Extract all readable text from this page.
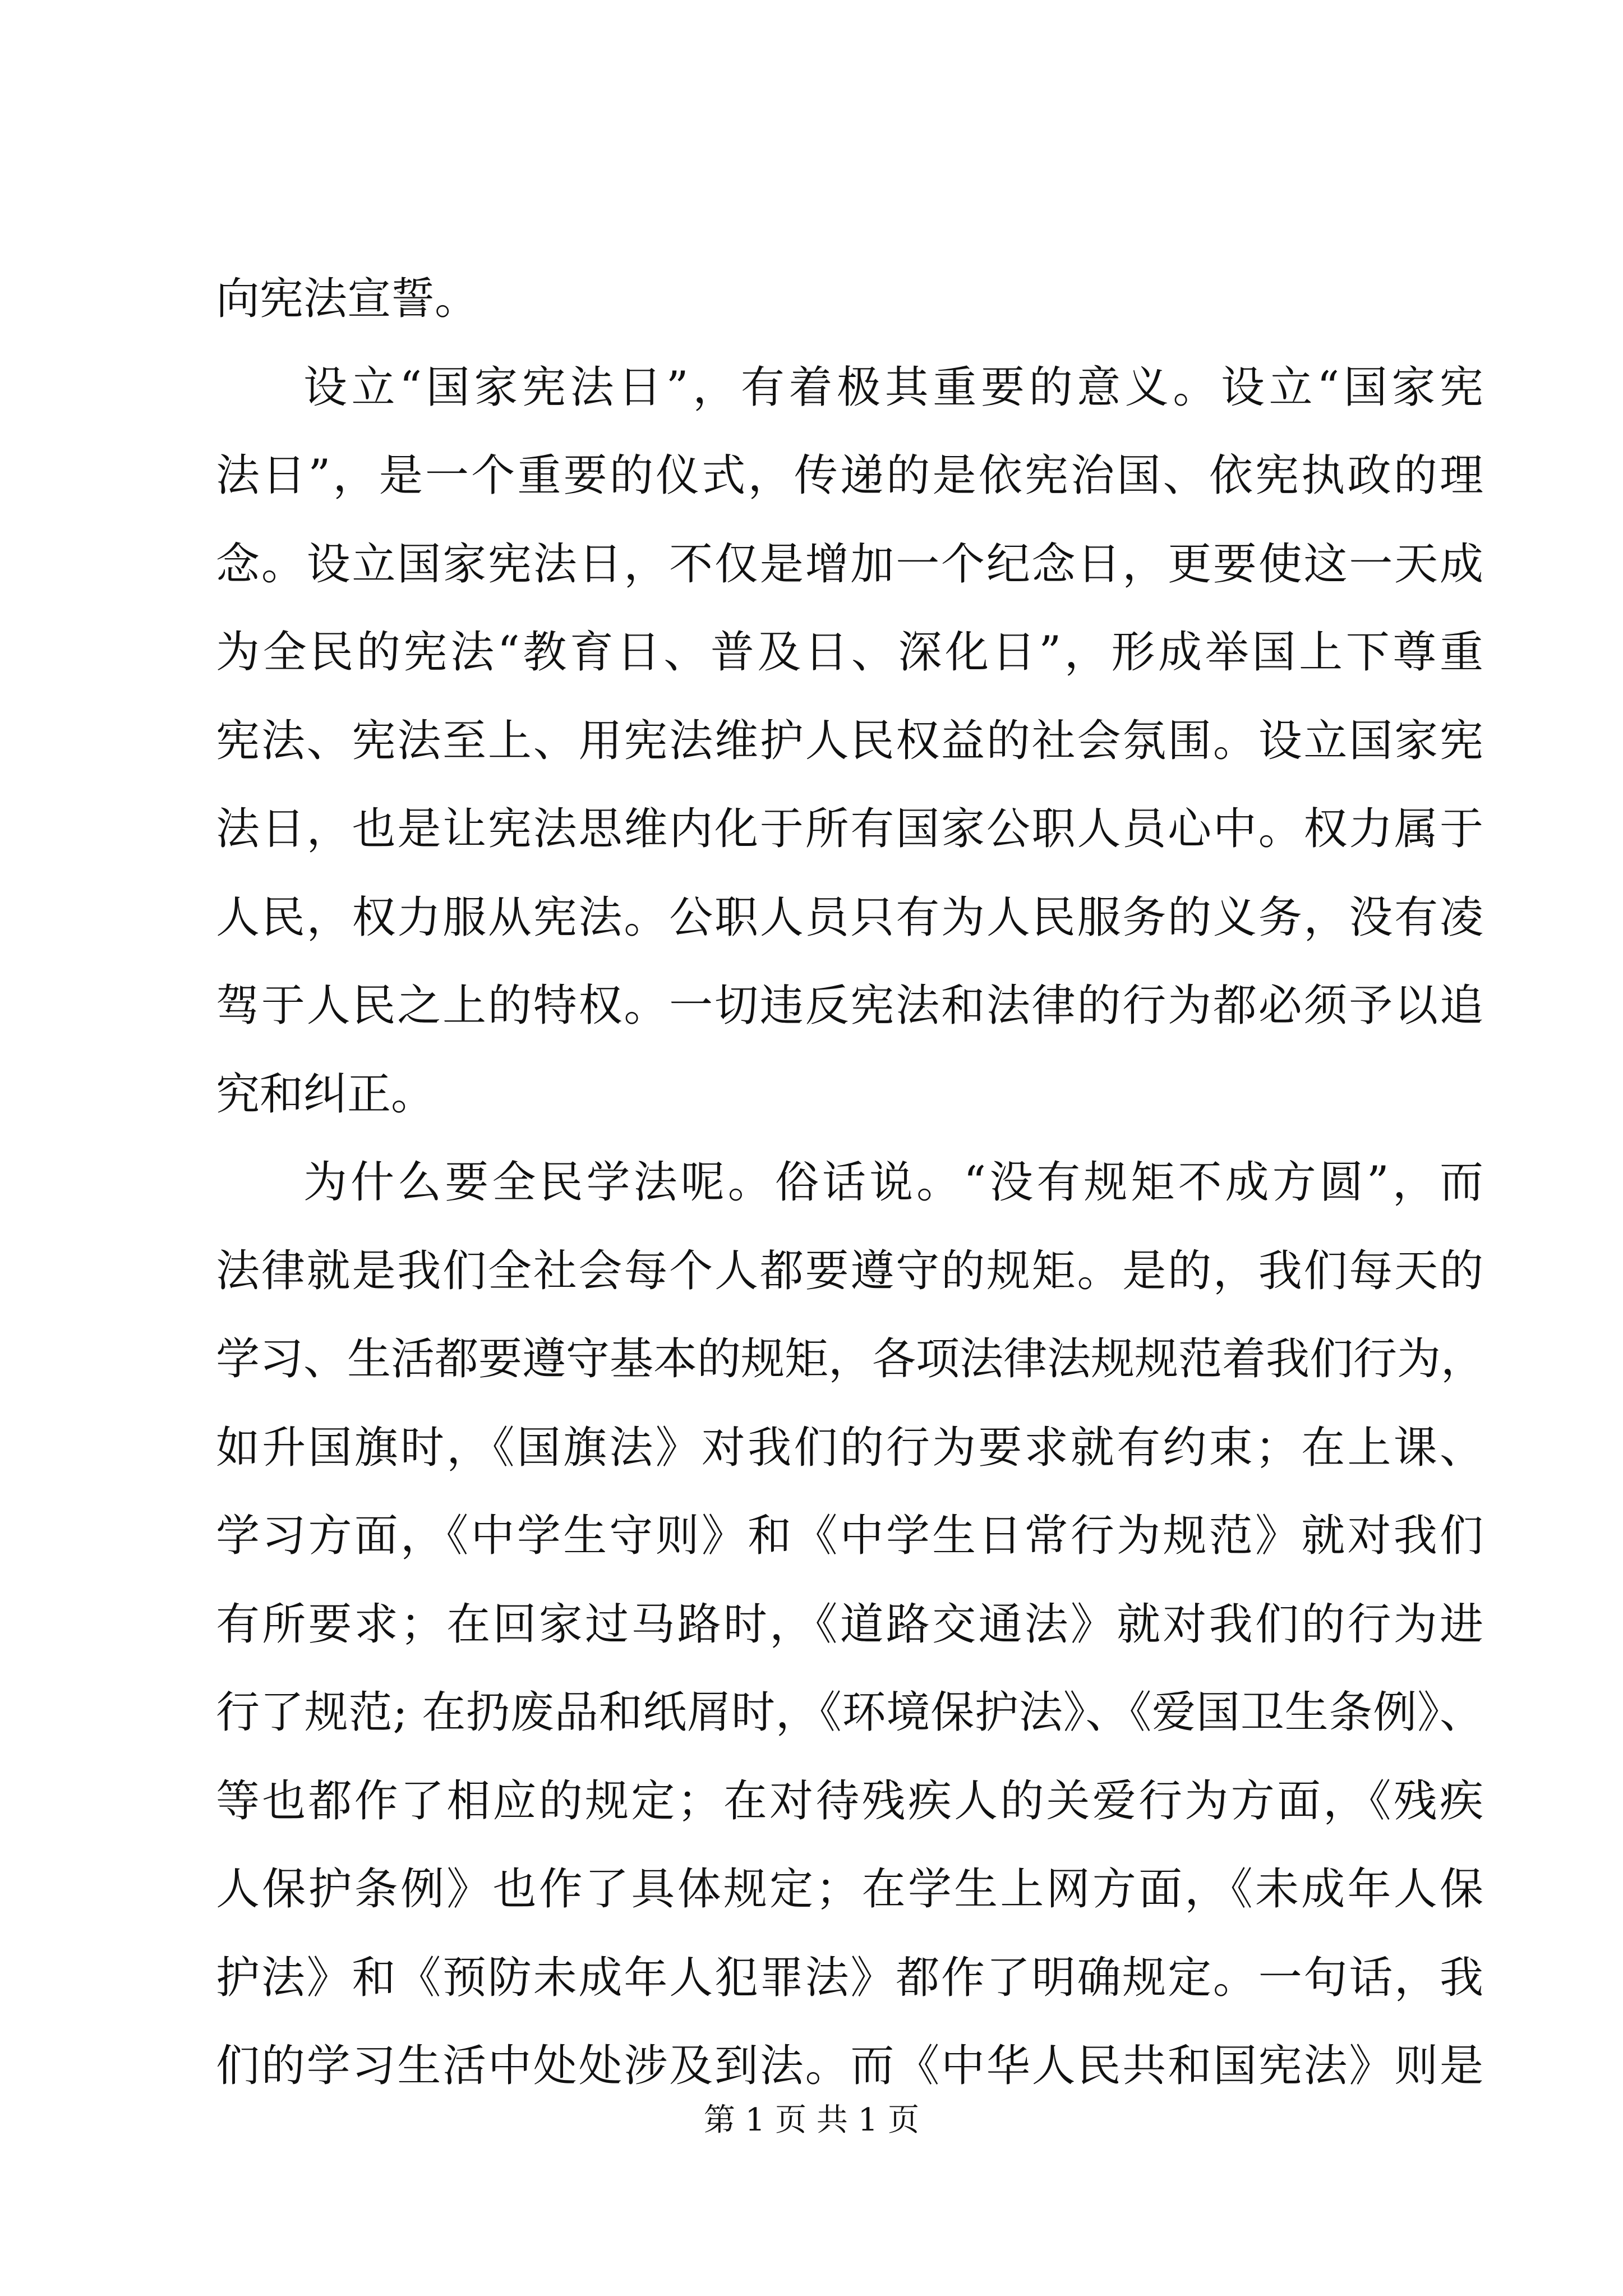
向宪法宣誓。
设立“国家宪法日”，有着极其重要的意义。设立“国家宪
法日”，是一个重要的仪式，传递的是依宪治国、依宪执政的理
念。设立国家宪法日，不仅是增加一个纪念日，更要使这一天成
为全民的宪法“教育日、普及日、深化日”，形成举国上下尊重
宪法、宪法至上、用宪法维护人民权益的社会氛围。设立国家宪
法日，也是让宪法思维内化于所有国家公职人员心中。权力属于
人民，权力服从宪法。公职人员只有为人民服务的义务，没有凌
驾于人民之上的特权。一切违反宪法和法律的行为都必须予以追
究和纠正。
为什么要全民学法呢。俗话说。“没有规矩不成方圆”，而
法律就是我们全社会每个人都要遵守的规矩。是的，我们每天的
学习、生活都要遵守基本的规矩，各项法律法规规范着我们行为，
如升国旗时，《国旗法》对我们的行为要求就有约束；在上课、
学习方面，《中学生守则》和《中学生日常行为规范》就对我们
有所要求；在回家过马路时，《道路交通法》就对我们的行为进
行了规范; 在扔废品和纸屑时，《环境保护法》、《爱国卫生条例》、
等也都作了相应的规定；在对待残疾人的关爱行为方面，《残疾
人保护条例》也作了具体规定；在学生上网方面，《未成年人保
护法》和《预防未成年人犯罪法》都作了明确规定。一句话，我
们的学习生活中处处涉及到法。而《中华人民共和国宪法》则是
第 1 页 共 1 页
